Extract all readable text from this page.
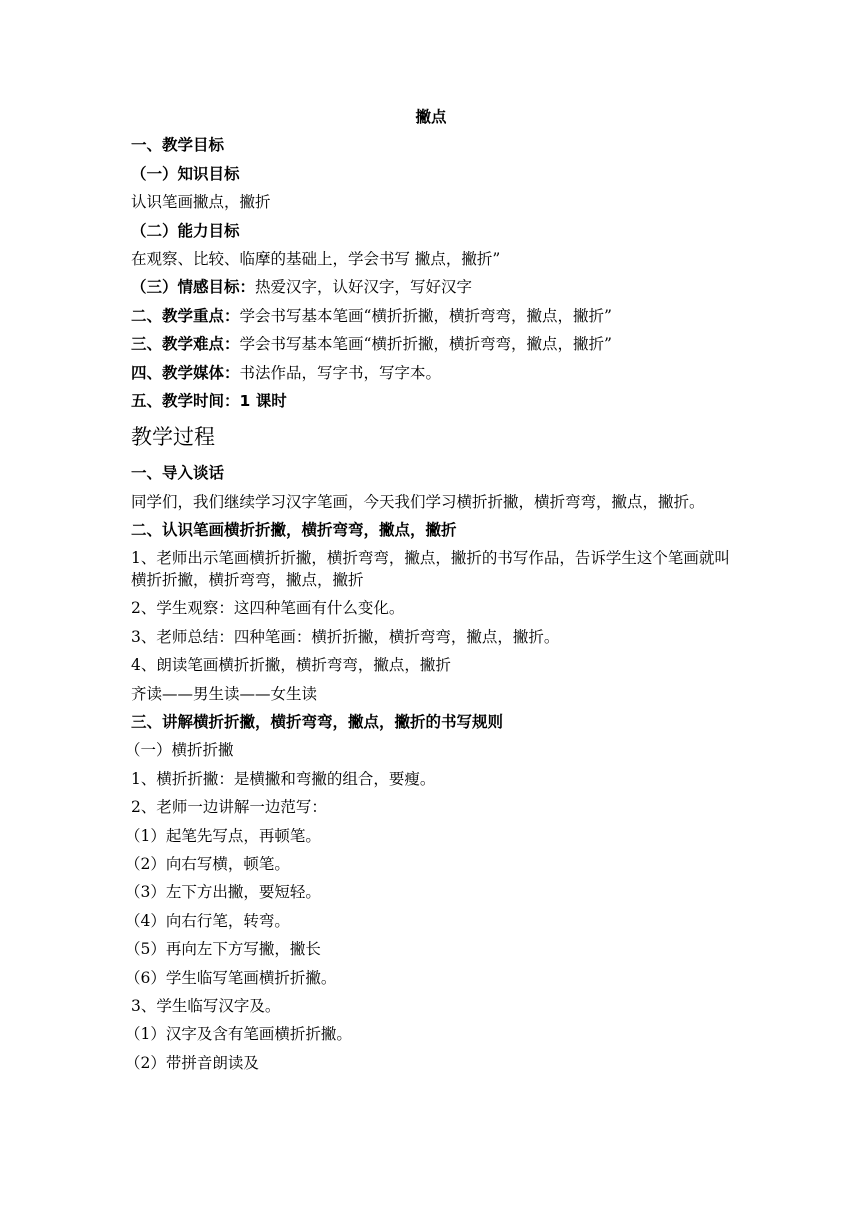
撇点

一、教学目标

（一）知识目标

认识笔画撇点，撇折

（二）能力目标

在观察、比较、临摩的基础上，学会书写 撇点，撇折”

（三）情感目标：热爱汉字，认好汉字，写好汉字

二、教学重点：学会书写基本笔画“横折折撇，横折弯弯，撇点，撇折”

三、教学难点：学会书写基本笔画“横折折撇，横折弯弯，撇点，撇折”

四、教学媒体：书法作品，写字书，写字本。

五、教学时间：1 课时

教学过程

一、导入谈话

同学们，我们继续学习汉字笔画，今天我们学习横折折撇，横折弯弯，撇点，撇折。

二、认识笔画横折折撇，横折弯弯，撇点，撇折

1、老师出示笔画横折折撇，横折弯弯，撇点，撇折的书写作品，告诉学生这个笔画就叫横折折撇，横折弯弯，撇点，撇折

2、学生观察：这四种笔画有什么变化。

3、老师总结：四种笔画：横折折撇，横折弯弯，撇点，撇折。

4、朗读笔画横折折撇，横折弯弯，撇点，撇折

齐读——男生读——女生读

三、讲解横折折撇，横折弯弯，撇点，撇折的书写规则

（一）横折折撇

1、横折折撇：是横撇和弯撇的组合，要瘦。

2、老师一边讲解一边范写：

（1）起笔先写点，再顿笔。

（2）向右写横，顿笔。

（3）左下方出撇，要短轻。

（4）向右行笔，转弯。

（5）再向左下方写撇，撇长

（6）学生临写笔画横折折撇。

3、学生临写汉字及。

（1）汉字及含有笔画横折折撇。

（2）带拼音朗读及
